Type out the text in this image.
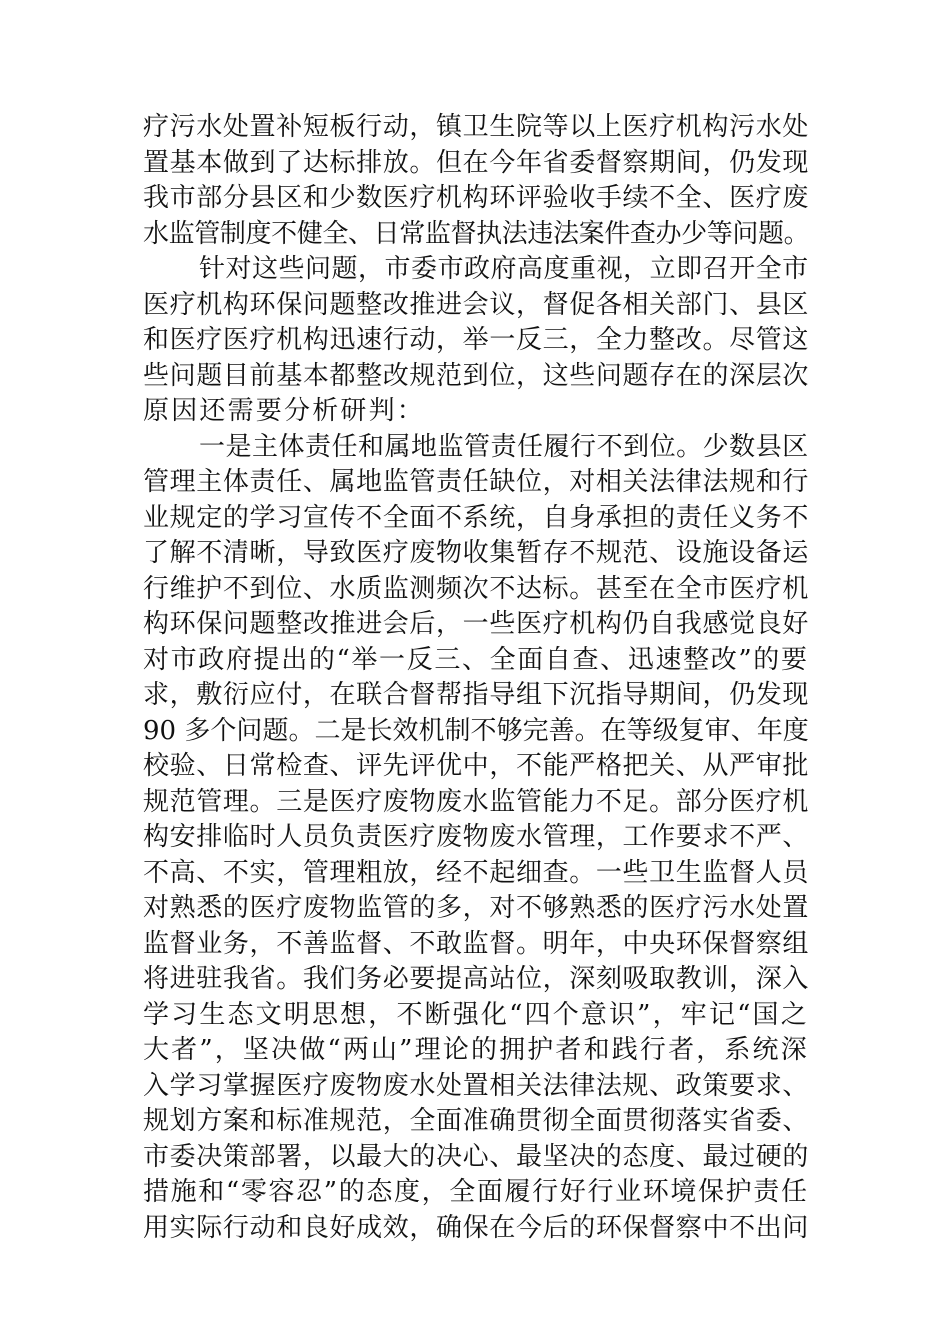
疗污水处置补短板行动，镇卫生院等以上医疗机构污水处
置基本做到了达标排放。但在今年省委督察期间，仍发现
我市部分县区和少数医疗机构环评验收手续不全、医疗废
水监管制度不健全、日常监督执法违法案件查办少等问题。
针对这些问题，市委市政府高度重视，立即召开全市
医疗机构环保问题整改推进会议，督促各相关部门、县区
和医疗医疗机构迅速行动，举一反三，全力整改。尽管这
些问题目前基本都整改规范到位，这些问题存在的深层次
原因还需要分析研判：
一是主体责任和属地监管责任履行不到位。少数县区
管理主体责任、属地监管责任缺位，对相关法律法规和行
业规定的学习宣传不全面不系统，自身承担的责任义务不
了解不清晰，导致医疗废物收集暂存不规范、设施设备运
行维护不到位、水质监测频次不达标。甚至在全市医疗机
构环保问题整改推进会后，一些医疗机构仍自我感觉良好
对市政府提出的“举一反三、全面自查、迅速整改”的要
求，敷衍应付，在联合督帮指导组下沉指导期间，仍发现
90 多个问题。二是长效机制不够完善。在等级复审、年度
校验、日常检查、评先评优中，不能严格把关、从严审批
规范管理。三是医疗废物废水监管能力不足。部分医疗机
构安排临时人员负责医疗废物废水管理，工作要求不严、
不高、不实，管理粗放，经不起细查。一些卫生监督人员
对熟悉的医疗废物监管的多，对不够熟悉的医疗污水处置
监督业务，不善监督、不敢监督。明年，中央环保督察组
将进驻我省。我们务必要提高站位，深刻吸取教训，深入
学习生态文明思想，不断强化“四个意识”，牢记“国之
大者”，坚决做“两山”理论的拥护者和践行者，系统深
入学习掌握医疗废物废水处置相关法律法规、政策要求、
规划方案和标准规范，全面准确贯彻全面贯彻落实省委、
市委决策部署，以最大的决心、最坚决的态度、最过硬的
措施和“零容忍”的态度，全面履行好行业环境保护责任
用实际行动和良好成效，确保在今后的环保督察中不出问
